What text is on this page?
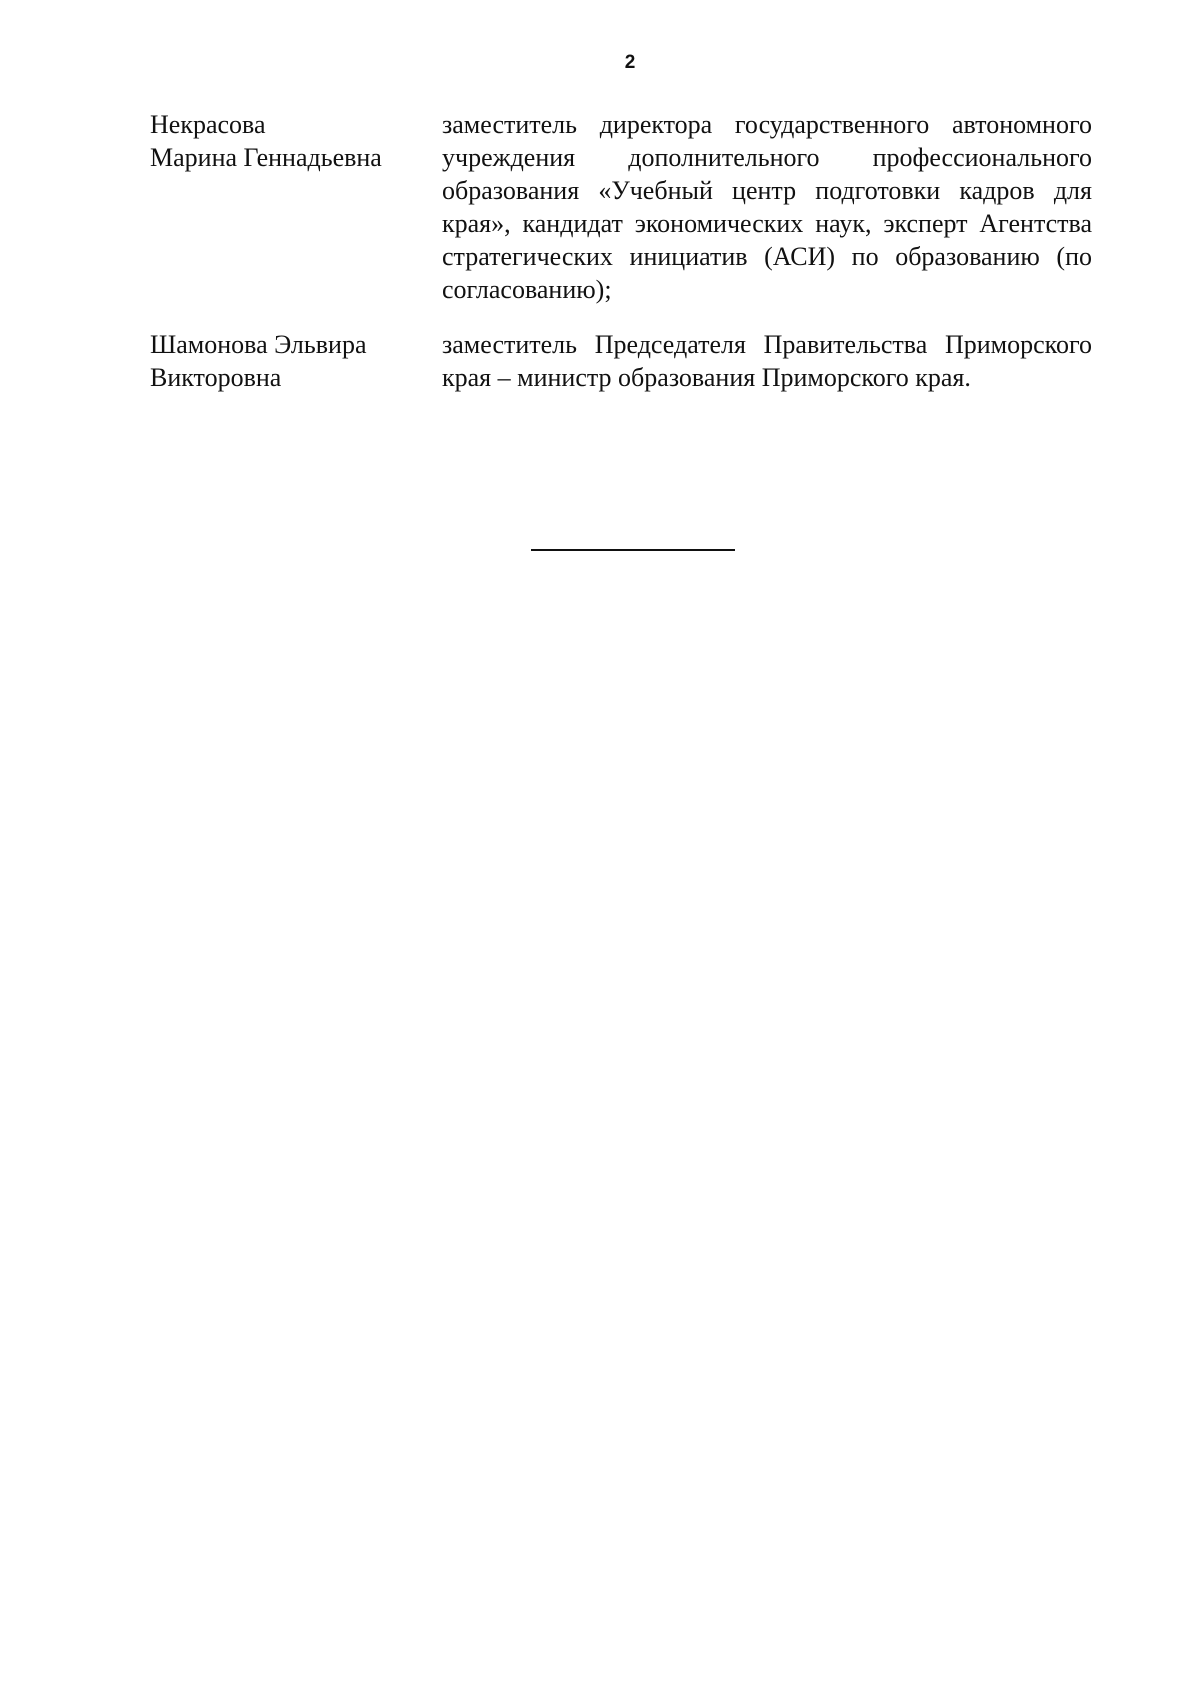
2
Некрасова
Марина Геннадьевна
заместитель директора государственного автономного учреждения дополнительного профессионального образования «Учебный центр подготовки кадров для края», кандидат экономических наук, эксперт Агентства стратегических инициатив (АСИ) по образованию (по согласованию);
Шамонова Эльвира
Викторовна
заместитель Председателя Правительства Приморского края – министр образования Приморского края.
